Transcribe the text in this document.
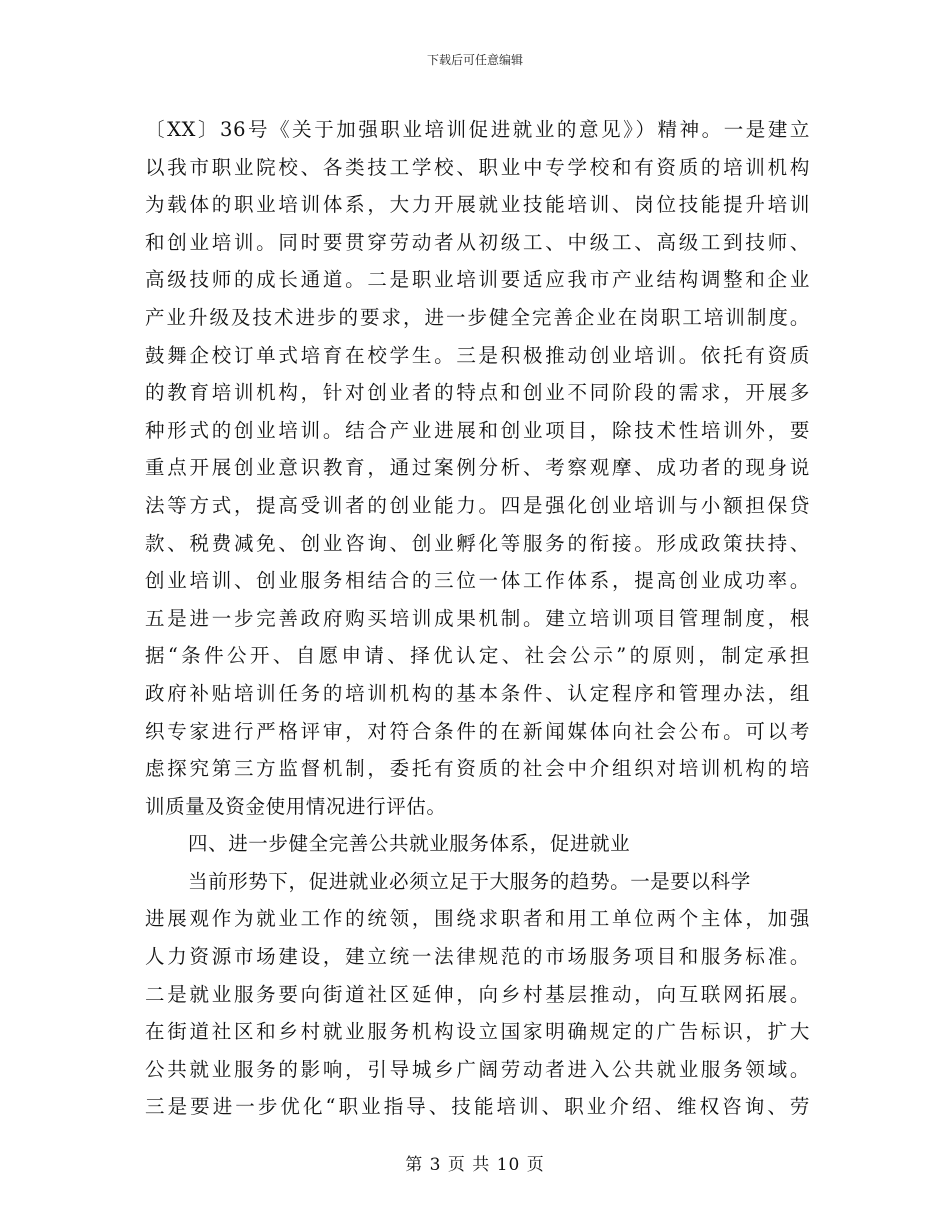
下载后可任意编辑
〔XX〕36号《关于加强职业培训促进就业的意见》）精神。一是建立
以我市职业院校、各类技工学校、职业中专学校和有资质的培训机构
为载体的职业培训体系，大力开展就业技能培训、岗位技能提升培训
和创业培训。同时要贯穿劳动者从初级工、中级工、高级工到技师、
高级技师的成长通道。二是职业培训要适应我市产业结构调整和企业
产业升级及技术进步的要求，进一步健全完善企业在岗职工培训制度。
鼓舞企校订单式培育在校学生。三是积极推动创业培训。依托有资质
的教育培训机构，针对创业者的特点和创业不同阶段的需求，开展多
种形式的创业培训。结合产业进展和创业项目，除技术性培训外，要
重点开展创业意识教育，通过案例分析、考察观摩、成功者的现身说
法等方式，提高受训者的创业能力。四是强化创业培训与小额担保贷
款、税费减免、创业咨询、创业孵化等服务的衔接。形成政策扶持、
创业培训、创业服务相结合的三位一体工作体系，提高创业成功率。
五是进一步完善政府购买培训成果机制。建立培训项目管理制度，根
据“条件公开、自愿申请、择优认定、社会公示”的原则，制定承担
政府补贴培训任务的培训机构的基本条件、认定程序和管理办法，组
织专家进行严格评审，对符合条件的在新闻媒体向社会公布。可以考
虑探究第三方监督机制，委托有资质的社会中介组织对培训机构的培
训质量及资金使用情况进行评估。
四、进一步健全完善公共就业服务体系，促进就业
当前形势下，促进就业必须立足于大服务的趋势。一是要以科学
进展观作为就业工作的统领，围绕求职者和用工单位两个主体，加强
人力资源市场建设，建立统一法律规范的市场服务项目和服务标准。
二是就业服务要向街道社区延伸，向乡村基层推动，向互联网拓展。
在街道社区和乡村就业服务机构设立国家明确规定的广告标识，扩大
公共就业服务的影响，引导城乡广阔劳动者进入公共就业服务领域。
三是要进一步优化“职业指导、技能培训、职业介绍、维权咨询、劳
第 3 页 共 10 页
